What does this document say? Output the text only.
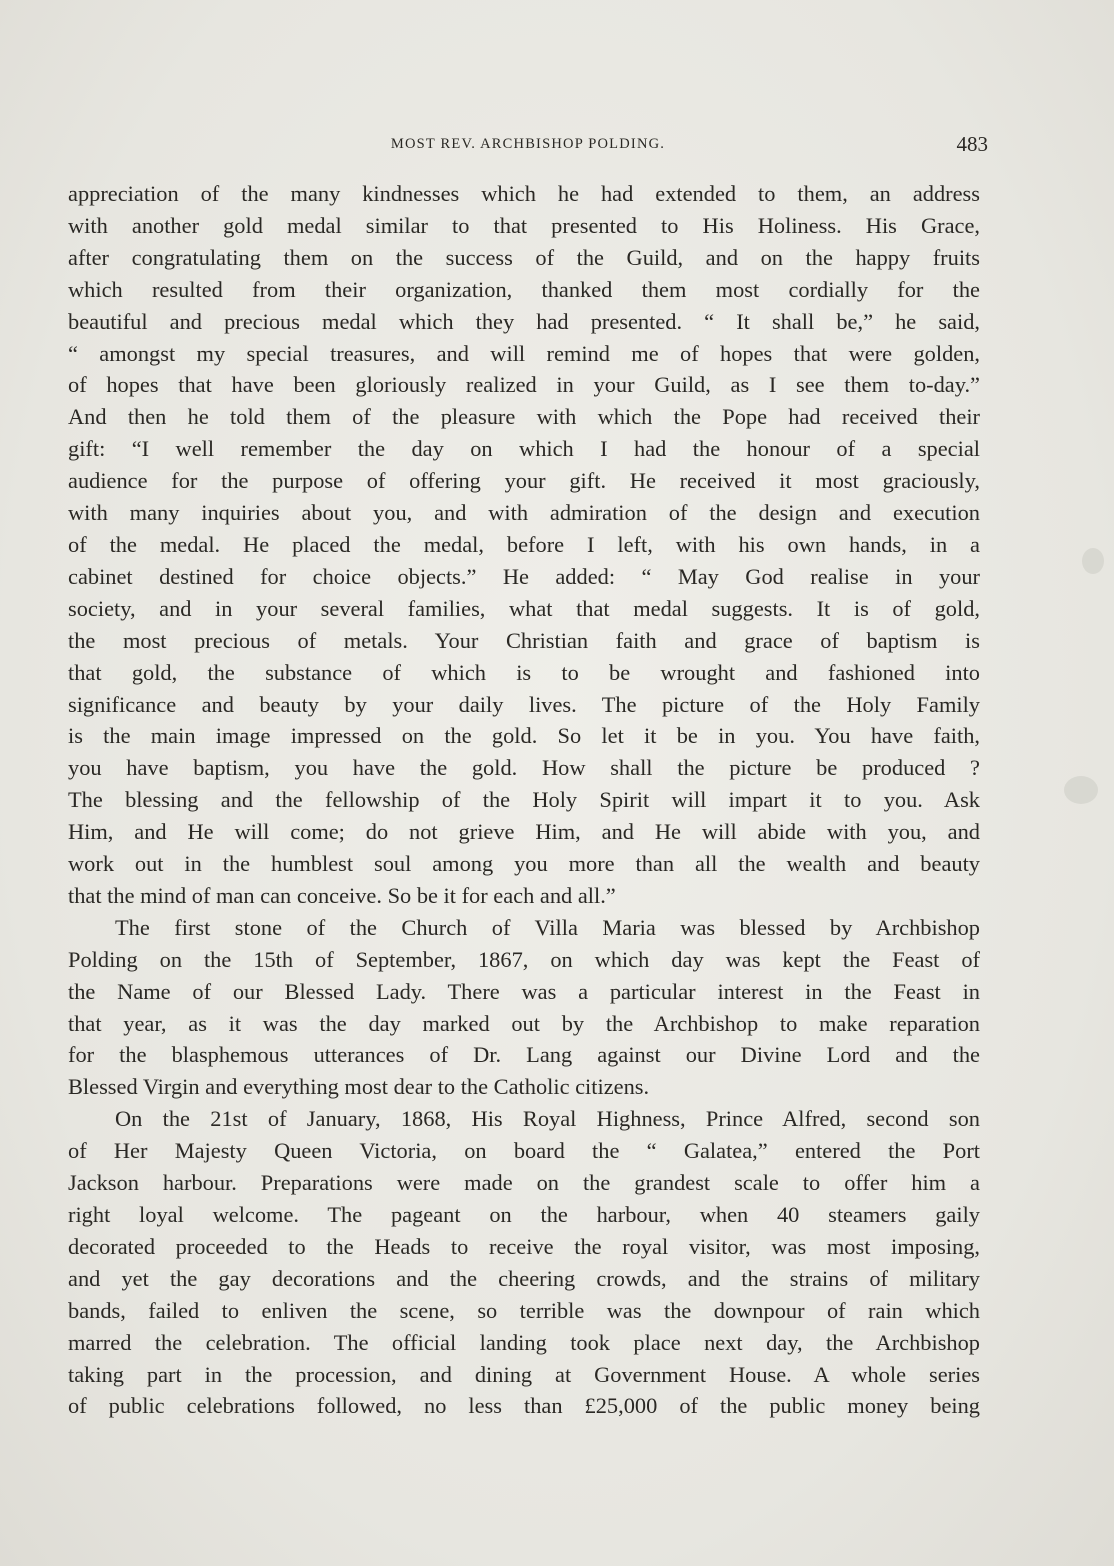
MOST REV. ARCHBISHOP POLDING.	483

appreciation of the many kindnesses which he had extended to them, an address

with another gold medal similar to that presented to His Holiness. His Grace,

after congratulating them on the success of the Guild, and on the happy fruits

which resulted from their organization, thanked them most cordially for the

beautiful and precious medal which they had presented. “ It shall be,” he said,

“ amongst my special treasures, and will remind me of hopes that were golden,

of hopes that have been gloriously realized in your Guild, as I see them to-day.”

And then he told them of the pleasure with which the Pope had received their

gift: “I well remember the day on which I had the honour of a special

audience for the purpose of offering your gift. He received it most graciously,

with many inquiries about you, and with admiration of the design and execution

of the medal. He placed the medal, before I left, with his own hands, in a

cabinet destined for choice objects.” He added: “ May God realise in your

society, and in your several families, what that medal suggests. It is of gold,

the most precious of metals. Your Christian faith and grace of baptism is

that gold, the substance of which is to be wrought and fashioned into

significance and beauty by your daily lives. The picture of the Holy Family

is the main image impressed on the gold. So let it be in you. You have faith,

you have baptism, you have the gold. How shall the picture be produced ?

The blessing and the fellowship of the Holy Spirit will impart it to you. Ask

Him, and He will come; do not grieve Him, and He will abide with you, and

work out in the humblest soul among you more than all the wealth and beauty

that the mind of man can conceive. So be it for each and all.”

The first stone of the Church of Villa Maria was blessed by Archbishop

Polding on the 15th of September, 1867, on which day was kept the Feast of

the Name of our Blessed Lady. There was a particular interest in the Feast in

that year, as it was the day marked out by the Archbishop to make reparation

for the blasphemous utterances of Dr. Lang against our Divine Lord and the

Blessed Virgin and everything most dear to the Catholic citizens.

On the 21st of January, 1868, His Royal Highness, Prince Alfred, second son

of Her Majesty Queen Victoria, on board the “ Galatea,” entered the Port

Jackson harbour. Preparations were made on the grandest scale to offer him a

right loyal welcome. The pageant on the harbour, when 40 steamers gaily

decorated proceeded to the Heads to receive the royal visitor, was most imposing,

and yet the gay decorations and the cheering crowds, and the strains of military

bands, failed to enliven the scene, so terrible was the downpour of rain which

marred the celebration. The official landing took place next day, the Archbishop

taking part in the procession, and dining at Government House. A whole series

of public celebrations followed, no less than £25,000 of the public money being
